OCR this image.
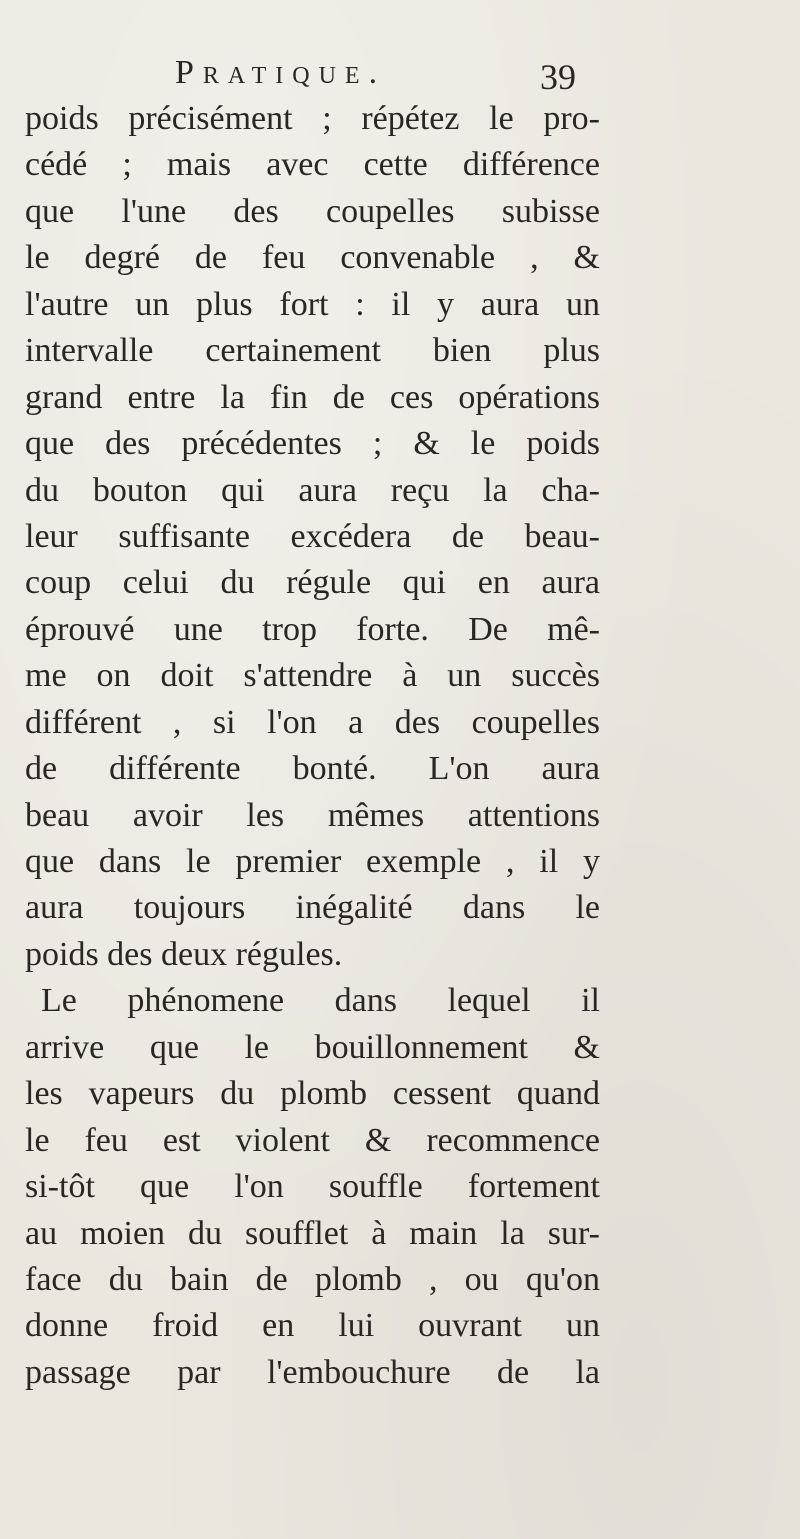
Pratique.	39
poids précisément ; répétez le pro-
cédé ; mais avec cette différence
que l'une des coupelles subisse
le degré de feu convenable , &
l'autre un plus fort : il y aura un
intervalle certainement bien plus
grand entre la fin de ces opérations
que des précédentes ; & le poids
du bouton qui aura reçu la cha-
leur suffisante excédera de beau-
coup celui du régule qui en aura
éprouvé une trop forte. De mê-
me on doit s'attendre à un succès
différent , si l'on a des coupelles
de différente bonté. L'on aura
beau avoir les mêmes attentions
que dans le premier exemple , il y
aura toujours inégalité dans le
poids des deux régules.
Le phénomene dans lequel il
arrive que le bouillonnement &
les vapeurs du plomb cessent quand
le feu est violent & recommence
si-tôt que l'on souffle fortement
au moien du soufflet à main la sur-
face du bain de plomb , ou qu'on
donne froid en lui ouvrant un
passage par l'embouchure de la
